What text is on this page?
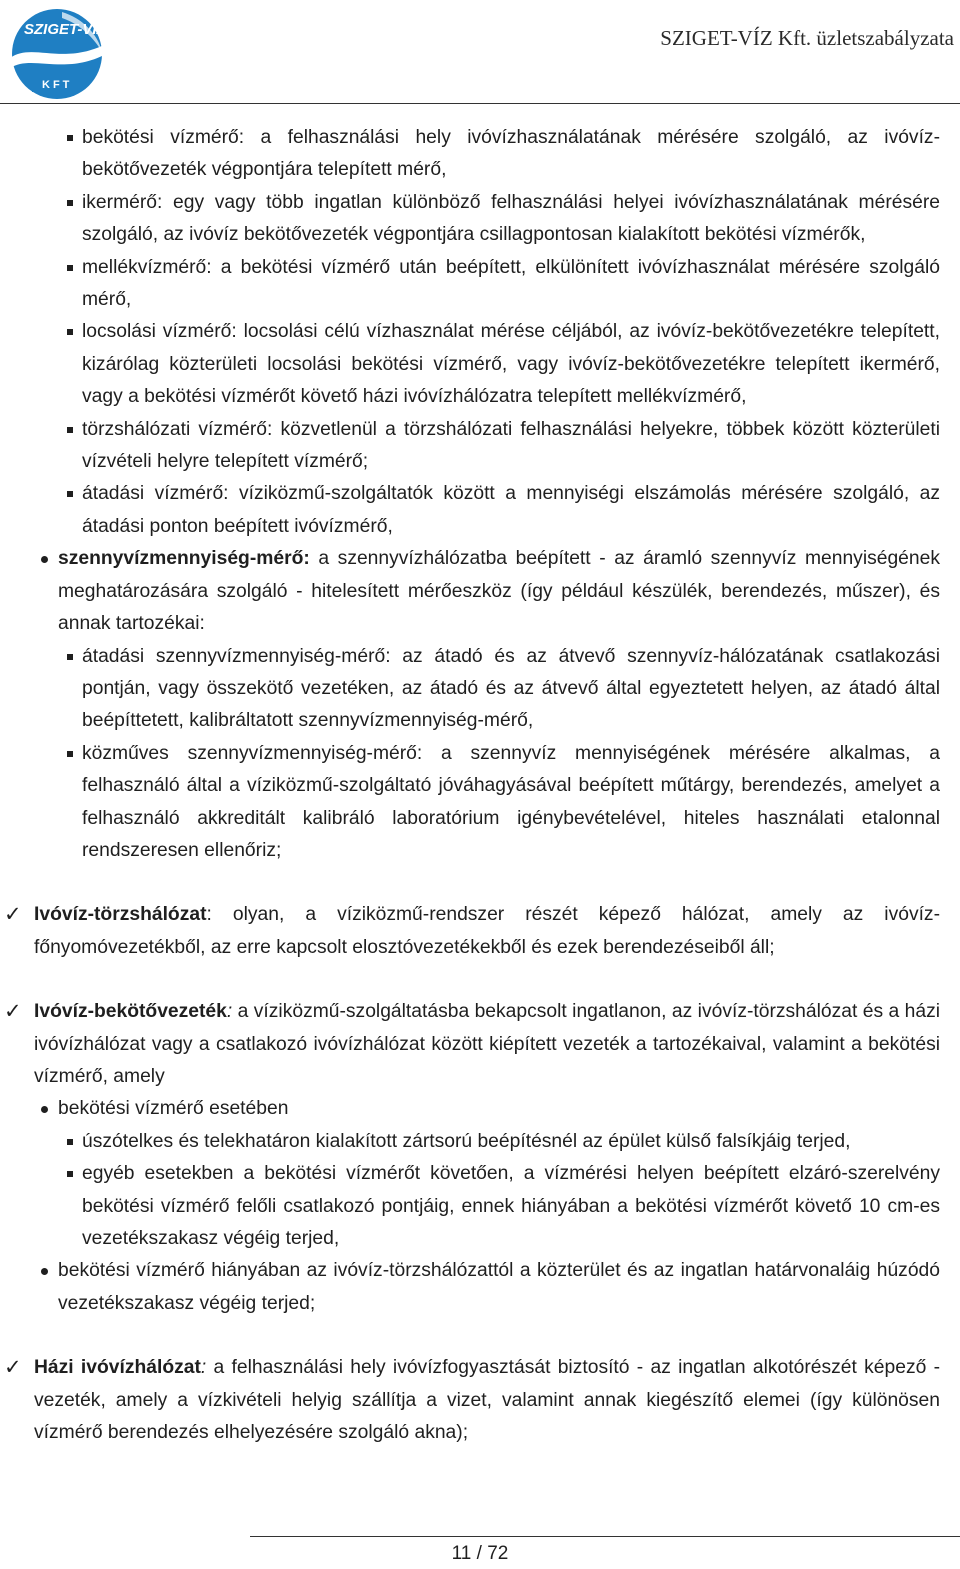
SZIGET-VÍZ
KFT
SZIGET-VÍZ Kft. üzletszabályzata
bekötési vízmérő: a felhasználási hely ivóvízhasználatának mérésére szolgáló, az ivóvíz-bekötővezeték végpontjára telepített mérő,
ikermérő: egy vagy több ingatlan különböző felhasználási helyei ivóvízhasználatának mérésére szolgáló, az ivóvíz bekötővezeték végpontjára csillagpontosan kialakított bekötési vízmérők,
mellékvízmérő: a bekötési vízmérő után beépített, elkülönített ivóvízhasználat mérésére szolgáló mérő,
locsolási vízmérő: locsolási célú vízhasználat mérése céljából, az ivóvíz-bekötővezetékre telepített, kizárólag közterületi locsolási bekötési vízmérő, vagy ivóvíz-bekötővezetékre telepített ikermérő, vagy a bekötési vízmérőt követő házi ivóvízhálózatra telepített mellékvízmérő,
törzshálózati vízmérő: közvetlenül a törzshálózati felhasználási helyekre, többek között közterületi vízvételi helyre telepített vízmérő;
átadási vízmérő: víziközmű-szolgáltatók között a mennyiségi elszámolás mérésére szolgáló, az átadási ponton beépített ivóvízmérő,
szennyvízmennyiség-mérő: a szennyvízhálózatba beépített - az áramló szennyvíz mennyiségének meghatározására szolgáló - hitelesített mérőeszköz (így például készülék, berendezés, műszer), és annak tartozékai:
átadási szennyvízmennyiség-mérő: az átadó és az átvevő szennyvíz-hálózatának csatlakozási pontján, vagy összekötő vezetéken, az átadó és az átvevő által egyeztetett helyen, az átadó által beépíttetett, kalibráltatott szennyvízmennyiség-mérő,
közműves szennyvízmennyiség-mérő: a szennyvíz mennyiségének mérésére alkalmas, a felhasználó által a víziközmű-szolgáltató jóváhagyásával beépített műtárgy, berendezés, amelyet a felhasználó akkreditált kalibráló laboratórium igénybevételével, hiteles használati etalonnal rendszeresen ellenőriz;
✓ Ivóvíz-törzshálózat: olyan, a víziközmű-rendszer részét képező hálózat, amely az ivóvíz-főnyomóvezetékből, az erre kapcsolt elosztóvezetékekből és ezek berendezéseiből áll;
✓ Ivóvíz-bekötővezeték: a víziközmű-szolgáltatásba bekapcsolt ingatlanon, az ivóvíz-törzshálózat és a házi ivóvízhálózat vagy a csatlakozó ivóvízhálózat között kiépített vezeték a tartozékaival, valamint a bekötési vízmérő, amely
bekötési vízmérő esetében
úszótelkes és telekhatáron kialakított zártsorú beépítésnél az épület külső falsíkjáig terjed,
egyéb esetekben a bekötési vízmérőt követően, a vízmérési helyen beépített elzáró-szerelvény bekötési vízmérő felőli csatlakozó pontjáig, ennek hiányában a bekötési vízmérőt követő 10 cm-es vezetékszakasz végéig terjed,
bekötési vízmérő hiányában az ivóvíz-törzshálózattól a közterület és az ingatlan határvonaláig húzódó vezetékszakasz végéig terjed;
✓ Házi ivóvízhálózat: a felhasználási hely ivóvízfogyasztását biztosító - az ingatlan alkotórészét képező - vezeték, amely a vízkivételi helyig szállítja a vizet, valamint annak kiegészítő elemei (így különösen vízmérő berendezés elhelyezésére szolgáló akna);
11 / 72
